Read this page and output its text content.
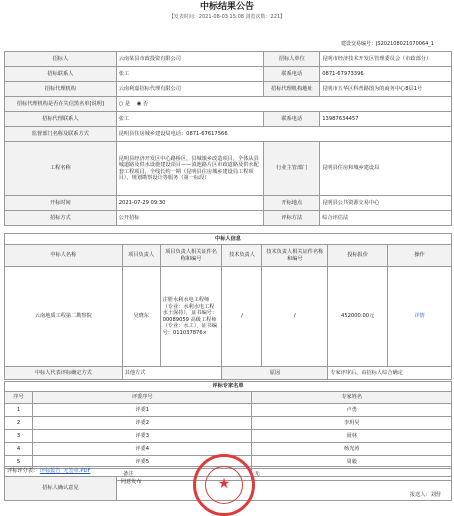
中标结果公告
【发表时间：2021-08-03 15:08 浏览次数：221】
建设交易编号：JS202108021070064_1
招标人	云南某县市政投资有限公司	招标人单位	昆明市经济技术开发区管理委员会（市政部分）
招标联系人	张工	联系电话	0871-67973396
招标代理机构	云南利嘉招标代理有限公司	招标代理机构地址	昆明市五华区科普路图为的商务中心8层1号
招标代理机构是否在失信黑名单[说明]	○ 是 ◉ 否		
招标代理联系人	张工	联系电话	13987634457
监督部门名称及联系方式	昆明县住房城乡建设局电话：0871-67617566		
工程名称	昆明县经济开发区中心路桥区，县城镇乡改造项目，全体从县城道路及供水设施建设项目——滇池路片区市政道路及供水配套工程项目，全线长约一期（昆明县住房城乡建设局工程项目），规划勘察设计等服务（第一标段）	行业主管部门	昆明县住房和城乡建设局
开标时间	2021-07-29 09:30	开标地点	昆明县公共资源交易中心
招标方式	公开招标	评标方法	综合评估法
中标人信息						
中标人名称	项目负责人	项目负责人相关证件名称和编号	技术负责人	技术负责人相关证件名称和编号	投标报价	操作
云南地质工程第二勘察院	吴晓东	注册水利水电工程师（专业：水利水电工程水土保持），证书编号：00089059 高级工程师（专业：水工），证书编号：011037876×	/	/	452000.00元	详情
中标人代表评标确定方式	其他方式		原因		专家评审后，由招标人综合确定	
评标专家名单		
序号	评委序号	专家姓名
1	评委1	卢勇
2	评委2	李玥昊
3	评委3	聂林
4	评委4	杨光涛
5	评委5	周毅
备注		无
评标评分表： 评标报告_无签章.PDF
招标人确认意见	
同意发布
报送人：刘营
★
